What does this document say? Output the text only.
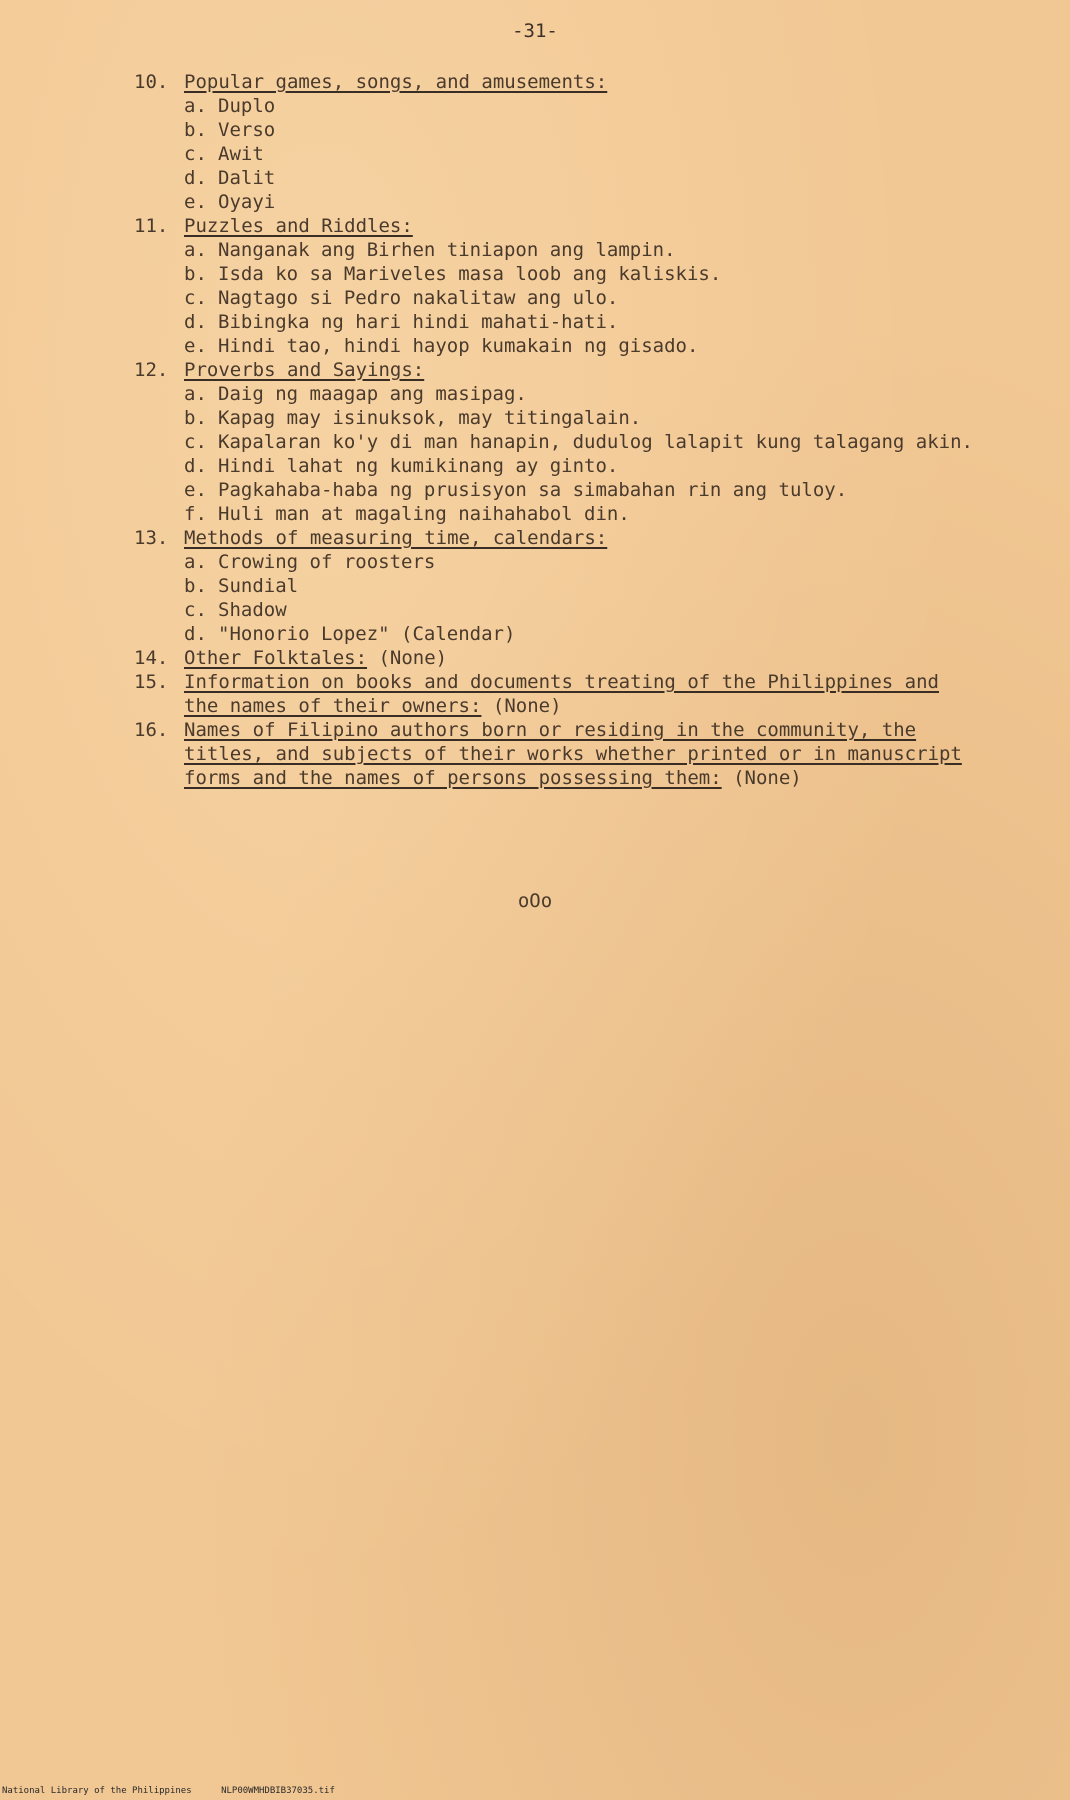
-31-
10. Popular games, songs, and amusements:
a. Duplo
b. Verso
c. Awit
d. Dalit
e. Oyayi
11. Puzzles and Riddles:
a. Nanganak ang Birhen tiniapon ang lampin.
b. Isda ko sa Mariveles masa loob ang kaliskis.
c. Nagtago si Pedro nakalitaw ang ulo.
d. Bibingka ng hari hindi mahati-hati.
e. Hindi tao, hindi hayop kumakain ng gisado.
12. Proverbs and Sayings:
a. Daig ng maagap ang masipag.
b. Kapag may isinuksok, may titingalain.
c. Kapalaran ko'y di man hanapin, dudulog lalapit kung talagang akin.
d. Hindi lahat ng kumikinang ay ginto.
e. Pagkahaba-haba ng prusisyon sa simabahan rin ang tuloy.
f. Huli man at magaling naihahabol din.
13. Methods of measuring time, calendars:
a. Crowing of roosters
b. Sundial
c. Shadow
d. "Honorio Lopez" (Calendar)
14. Other Folktales: (None)
15. Information on books and documents treating of the Philippines and the names of their owners: (None)
16. Names of Filipino authors born or residing in the community, the titles, and subjects of their works whether printed or in manuscript forms and the names of persons possessing them: (None)
oOo
National Library of the Philippines	NLP00WMHDBIB37035.tif
